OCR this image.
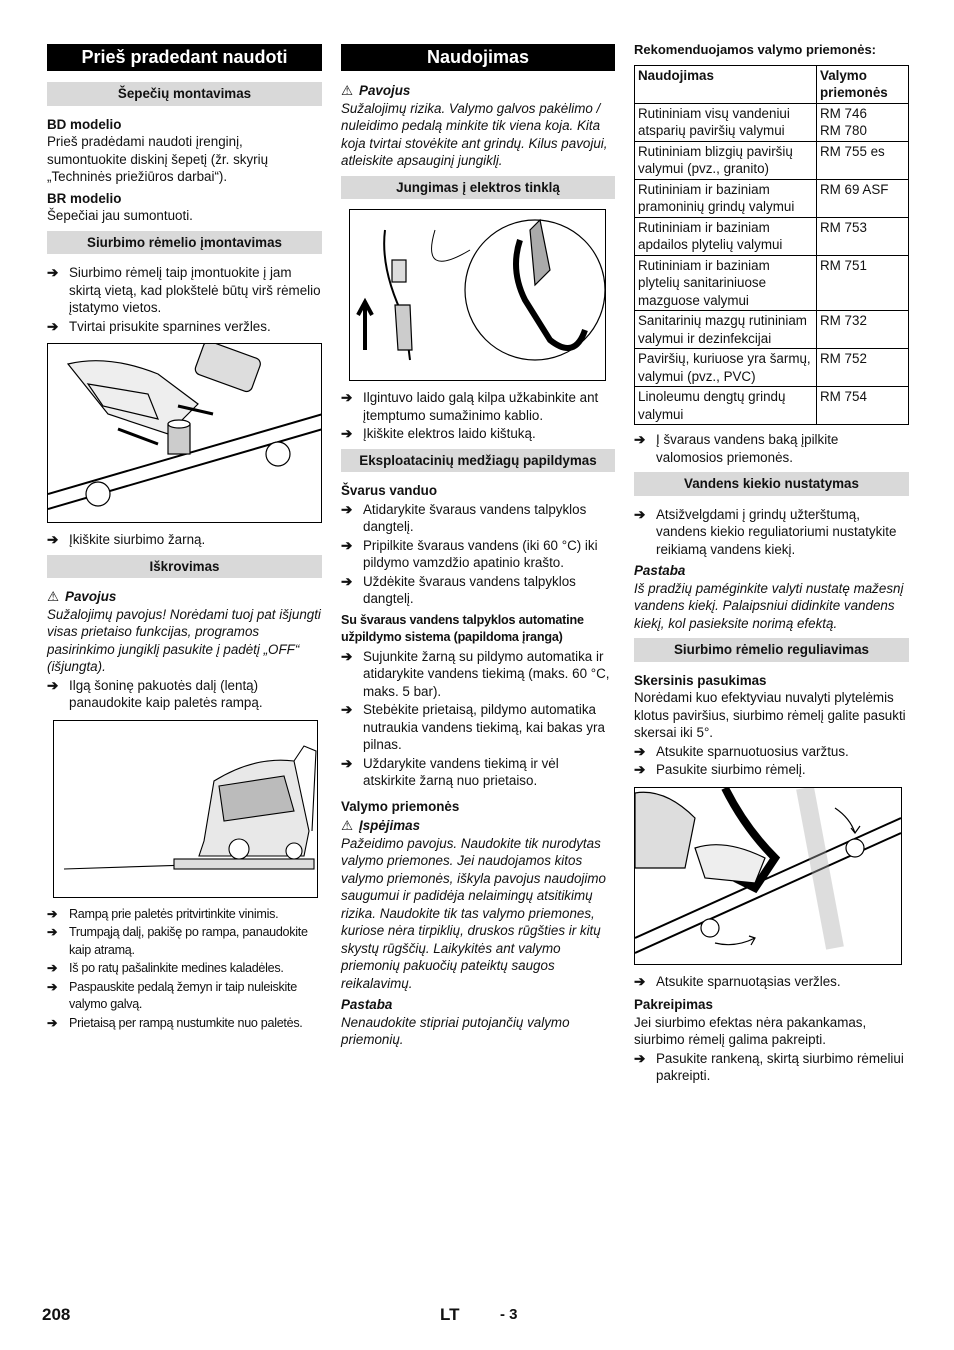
Prieš pradedant naudoti
Šepečių montavimas

BD modelio

Prieš pradėdami naudoti įrenginį, sumontuokite diskinį šepetį (žr. skyrių „Techninės priežiūros darbai“).

BR modelio

Šepečiai jau sumontuoti.

Siurbimo rėmelio įmontavimas
➔ Siurbimo rėmelį taip įmontuokite į jam skirtą vietą, kad plokštelė būtų virš rėmelio įstatymo vietos.
➔ Tvirtai prisukite sparnines veržles.
➔ Įkiškite siurbimo žarną.
Iškrovimas
⚠ Pavojus

Sužalojimų pavojus! Norėdami tuoj pat išjungti visas prietaiso funkcijas, programos pasirinkimo jungiklį pasukite į padėtį „OFF“ (išjungta).

➔ Ilgą šoninę pakuotės dalį (lentą) panaudokite kaip paletės rampą.
➔ Rampą prie paletės pritvirtinkite vinimis.
➔ Trumpąją dalį, pakišę po rampa, panaudokite kaip atramą.
➔ Iš po ratų pašalinkite medines kaladėles.
➔ Paspauskite pedalą žemyn ir taip nuleiskite valymo galvą.
➔ Prietaisą per rampą nustumkite nuo paletės.
Naudojimas
⚠ Pavojus

Sužalojimų rizika. Valymo galvos pakėlimo / nuleidimo pedalą minkite tik viena koja. Kita koja tvirtai stovėkite ant grindų. Kilus pavojui, atleiskite apsauginį jungiklį.

Jungimas į elektros tinklą
➔ Ilgintuvo laido galą kilpa užkabinkite ant įtemptumo sumažinimo kablio.
➔ Įkiškite elektros laido kištuką.
Eksploatacinių medžiagų papildymas

Švarus vanduo

➔ Atidarykite švaraus vandens talpyklos dangtelį.
➔ Pripilkite švaraus vandens (iki 60 °C) iki pildymo vamzdžio apatinio krašto.
➔ Uždėkite švaraus vandens talpyklos dangtelį.

Su švaraus vandens talpyklos automatine užpildymo sistema (papildoma įranga)

➔ Sujunkite žarną su pildymo automatika ir atidarykite vandens tiekimą (maks. 60 °C, maks. 5 bar).
➔ Stebėkite prietaisą, pildymo automatika nutraukia vandens tiekimą, kai bakas yra pilnas.
➔ Uždarykite vandens tiekimą ir vėl atskirkite žarną nuo prietaiso.

Valymo priemonės

⚠ Įspėjimas

Pažeidimo pavojus. Naudokite tik nurodytas valymo priemones. Jei naudojamos kitos valymo priemonės, iškyla pavojus naudojimo saugumui ir padidėja nelaimingų atsitikimų rizika. Naudokite tik tas valymo priemones, kuriose nėra tirpiklių, druskos rūgšties ir kitų skystų rūgščių. Laikykitės ant valymo priemonių pakuočių pateiktų saugos reikalavimų.

Pastaba

Nenaudokite stipriai putojančių valymo priemonių.

Rekomenduojamos valymo priemonės:

Naudojimas	Valymo priemonės
Rutininiam visų vandeniui atsparių paviršių valymui	RM 746
RM 780
Rutininiam blizgių paviršių valymui (pvz., granito)	RM 755 es
Rutininiam ir baziniam pramoninių grindų valymui	RM 69 ASF
Rutininiam ir baziniam apdailos plytelių valymui	RM 753
Rutininiam ir baziniam plytelių sanitariniuose mazguose valymui	RM 751
Sanitarinių mazgų rutininiam valymui ir dezinfekcijai	RM 732
Paviršių, kuriuose yra šarmų, valymui (pvz., PVC)	RM 752
Linoleumu dengtų grindų valymui	RM 754
➔ Į švaraus vandens baką įpilkite valomosios priemonės.
Vandens kiekio nustatymas
➔ Atsižvelgdami į grindų užterštumą, vandens kiekio reguliatoriumi nustatykite reikiamą vandens kiekį.

Pastaba

Iš pradžių paméginkite valyti nustatę mažesnį vandens kiekį. Palaipsniui didinkite vandens kiekį, kol pasieksite norimą efektą.

Siurbimo rėmelio reguliavimas

Skersinis pasukimas

Norėdami kuo efektyviau nuvalyti plytelėmis klotus paviršius, siurbimo rėmelį galite pasukti skersai iki 5°.

➔ Atsukite sparnuotuosius varžtus.
➔ Pasukite siurbimo rėmelį.
➔ Atsukite sparnuotąsias veržles.

Pakreipimas

Jei siurbimo efektas nėra pakankamas, siurbimo rėmelį galima pakreipti.

➔ Pasukite rankeną, skirtą siurbimo rėmeliui pakreipti.
208	LT	- 3
